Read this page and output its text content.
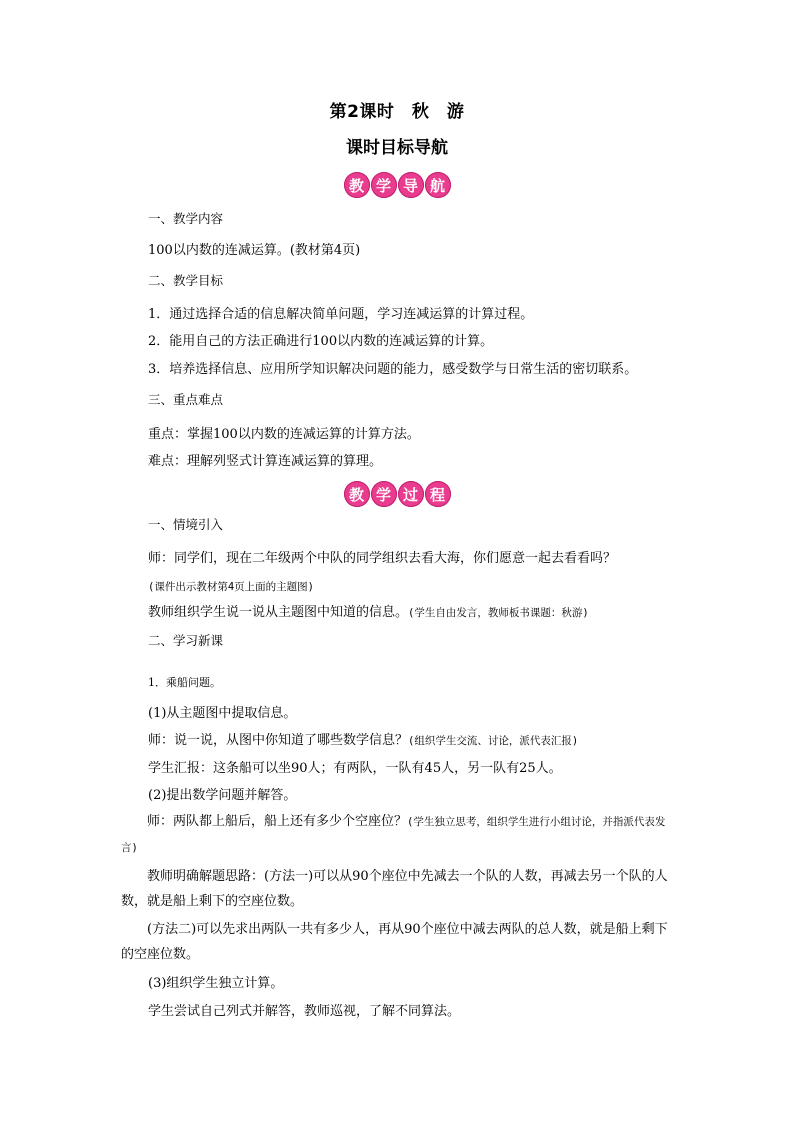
第2课时　秋　游
课时目标导航
教 学 导 航
一、教学内容
100以内数的连减运算。(教材第4页)
二、教学目标
1．通过选择合适的信息解决简单问题，学习连减运算的计算过程。
2．能用自己的方法正确进行100以内数的连减运算的计算。
3．培养选择信息、应用所学知识解决问题的能力，感受数学与日常生活的密切联系。
三、重点难点
重点：掌握100以内数的连减运算的计算方法。
难点：理解列竖式计算连减运算的算理。
教 学 过 程
一、情境引入
师：同学们，现在二年级两个中队的同学组织去看大海，你们愿意一起去看看吗？
(课件出示教材第4页上面的主题图)
教师组织学生说一说从主题图中知道的信息。(学生自由发言，教师板书课题：秋游)
二、学习新课
1．乘船问题。
(1)从主题图中提取信息。
师：说一说，从图中你知道了哪些数学信息？(组织学生交流、讨论，派代表汇报)
学生汇报：这条船可以坐90人；有两队，一队有45人，另一队有25人。
(2)提出数学问题并解答。
师：两队都上船后，船上还有多少个空座位？(学生独立思考，组织学生进行小组讨论，并指派代表发言)
教师明确解题思路：(方法一)可以从90个座位中先减去一个队的人数，再减去另一个队的人数，就是船上剩下的空座位数。
(方法二)可以先求出两队一共有多少人，再从90个座位中减去两队的总人数，就是船上剩下的空座位数。
(3)组织学生独立计算。
学生尝试自己列式并解答，教师巡视，了解不同算法。
